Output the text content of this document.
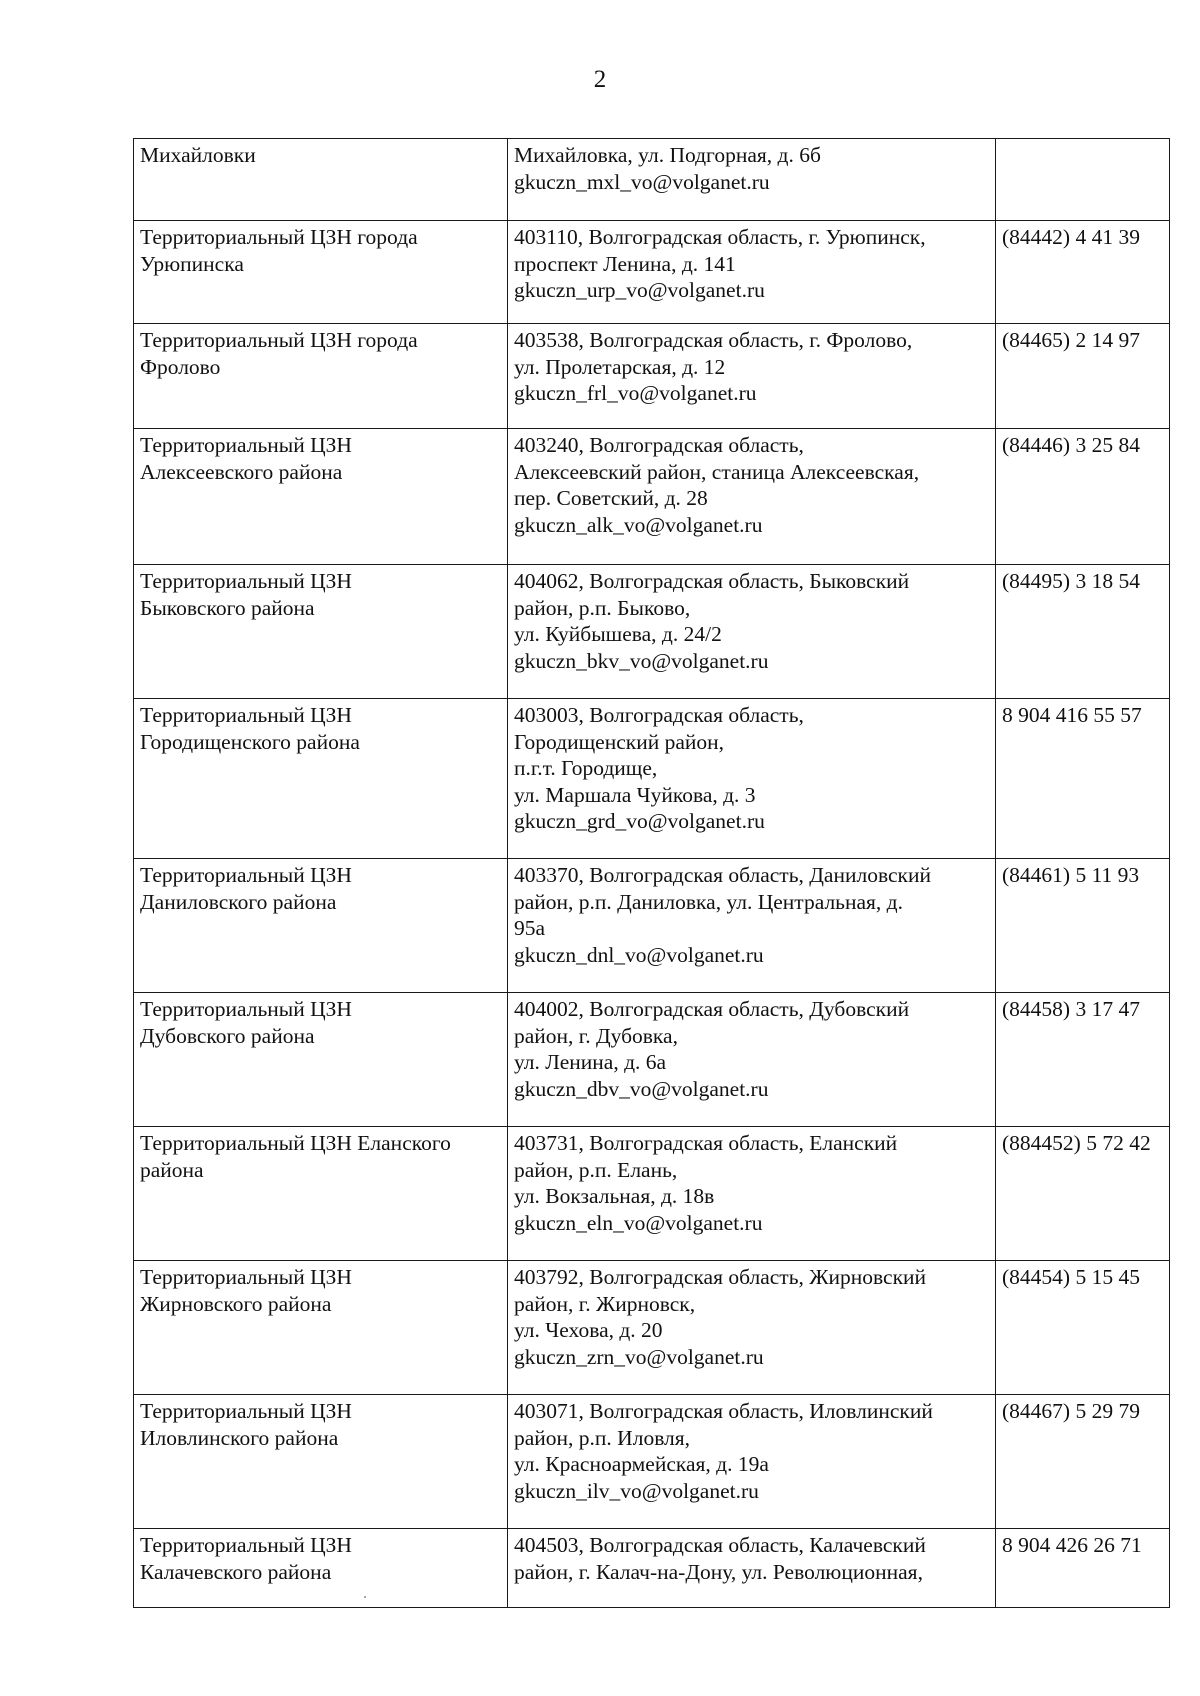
2
Михайловки	Михайловка, ул. Подгорная, д. 6б
gkuczn_mxl_vo@volganet.ru	

Территориальный ЦЗН города
Урюпинска	403110, Волгоградская область, г. Урюпинск,
проспект Ленина, д. 141
gkuczn_urp_vo@volganet.ru	(84442) 4 41 39

Территориальный ЦЗН города
Фролово	403538, Волгоградская область, г. Фролово,
ул. Пролетарская, д. 12
gkuczn_frl_vo@volganet.ru	(84465) 2 14 97

Территориальный ЦЗН
Алексеевского района	403240, Волгоградская область,
Алексеевский район, станица Алексеевская,
пер. Советский, д. 28
gkuczn_alk_vo@volganet.ru	(84446) 3 25 84

Территориальный ЦЗН
Быковского района	404062, Волгоградская область, Быковский
район, р.п. Быково,
ул. Куйбышева, д. 24/2
gkuczn_bkv_vo@volganet.ru	(84495) 3 18 54

Территориальный ЦЗН
Городищенского района	403003, Волгоградская область,
Городищенский район,
п.г.т. Городище,
ул. Маршала Чуйкова, д. 3
gkuczn_grd_vo@volganet.ru	8 904 416 55 57

Территориальный ЦЗН
Даниловского района	403370, Волгоградская область, Даниловский
район, р.п. Даниловка, ул. Центральная, д.
95а
gkuczn_dnl_vo@volganet.ru	(84461) 5 11 93

Территориальный ЦЗН
Дубовского района	404002, Волгоградская область, Дубовский
район, г. Дубовка,
ул. Ленина, д. 6а
gkuczn_dbv_vo@volganet.ru	(84458) 3 17 47

Территориальный ЦЗН Еланского
района	403731, Волгоградская область, Еланский
район, р.п. Елань,
ул. Вокзальная, д. 18в
gkuczn_eln_vo@volganet.ru	(884452) 5 72 42

Территориальный ЦЗН
Жирновского района	403792, Волгоградская область, Жирновский
район, г. Жирновск,
ул. Чехова, д. 20
gkuczn_zrn_vo@volganet.ru	(84454) 5 15 45

Территориальный ЦЗН
Иловлинского района	403071, Волгоградская область, Иловлинский
район, р.п. Иловля,
ул. Красноармейская, д. 19а
gkuczn_ilv_vo@volganet.ru	(84467) 5 29 79

Территориальный ЦЗН
Калачевского района	404503, Волгоградская область, Калачевский
район, г. Калач-на-Дону, ул. Революционная,	8 904 426 26 71
